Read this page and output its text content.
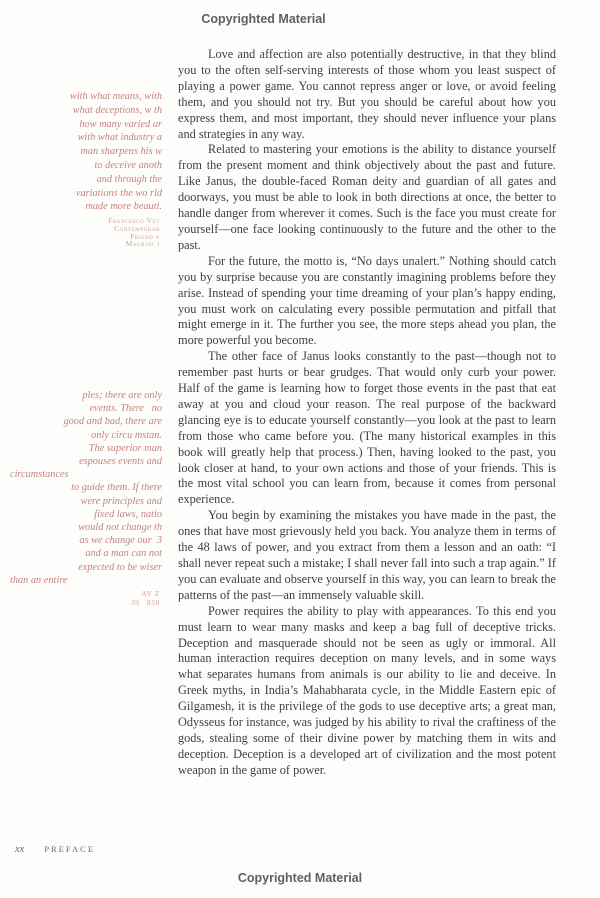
Copyrighted Material
with what means, with
what deceptions, w th
how many varied ar
with what industry a
man sharpens his w
to deceive anoth
and through the
variations the wo rld
made more beauti.
Francesco Vet
Contemporar
Friend o
Machiav i
ples; there are only
events. There   no
good and bad, there are
only circu mstan.
The superior man
espouses events and
circumstances
to guide them. If there
were principles and
fixed laws, natio
would not change th
as we change our  3
and a man can not
expected to be wiser
than an entire
AV Z
39   850

Love and affection are also potentially destructive, in that they blind you to the often self-serving interests of those whom you least suspect of playing a power game. You cannot repress anger or love, or avoid feeling them, and you should not try. But you should be careful about how you express them, and most important, they should never influence your plans and strategies in any way.

Related to mastering your emotions is the ability to distance yourself from the present moment and think objectively about the past and future. Like Janus, the double-faced Roman deity and guardian of all gates and doorways, you must be able to look in both directions at once, the better to handle danger from wherever it comes. Such is the face you must create for yourself—one face looking continuously to the future and the other to the past.

For the future, the motto is, “No days unalert.” Nothing should catch you by surprise because you are constantly imagining problems before they arise. Instead of spending your time dreaming of your plan’s happy ending, you must work on calculating every possible permutation and pitfall that might emerge in it. The further you see, the more steps ahead you plan, the more powerful you become.

The other face of Janus looks constantly to the past—though not to remember past hurts or bear grudges. That would only curb your power. Half of the game is learning how to forget those events in the past that eat away at you and cloud your reason. The real purpose of the backward glancing eye is to educate yourself constantly—you look at the past to learn from those who came before you. (The many historical examples in this book will greatly help that process.) Then, having looked to the past, you look closer at hand, to your own actions and those of your friends. This is the most vital school you can learn from, because it comes from personal experience.

You begin by examining the mistakes you have made in the past, the ones that have most grievously held you back. You analyze them in terms of the 48 laws of power, and you extract from them a lesson and an oath: “I shall never repeat such a mistake; I shall never fall into such a trap again.” If you can evaluate and observe yourself in this way, you can learn to break the patterns of the past—an immensely valuable skill.

Power requires the ability to play with appearances. To this end you must learn to wear many masks and keep a bag full of deceptive tricks. Deception and masquerade should not be seen as ugly or immoral. All human interaction requires deception on many levels, and in some ways what separates humans from animals is our ability to lie and deceive. In Greek myths, in India’s Mahabharata cycle, in the Middle Eastern epic of Gilgamesh, it is the privilege of the gods to use deceptive arts; a great man, Odysseus for instance, was judged by his ability to rival the craftiness of the gods, stealing some of their divine power by matching them in wits and deception. Deception is a developed art of civilization and the most potent weapon in the game of power.

xx PREFACE
Copyrighted Material
